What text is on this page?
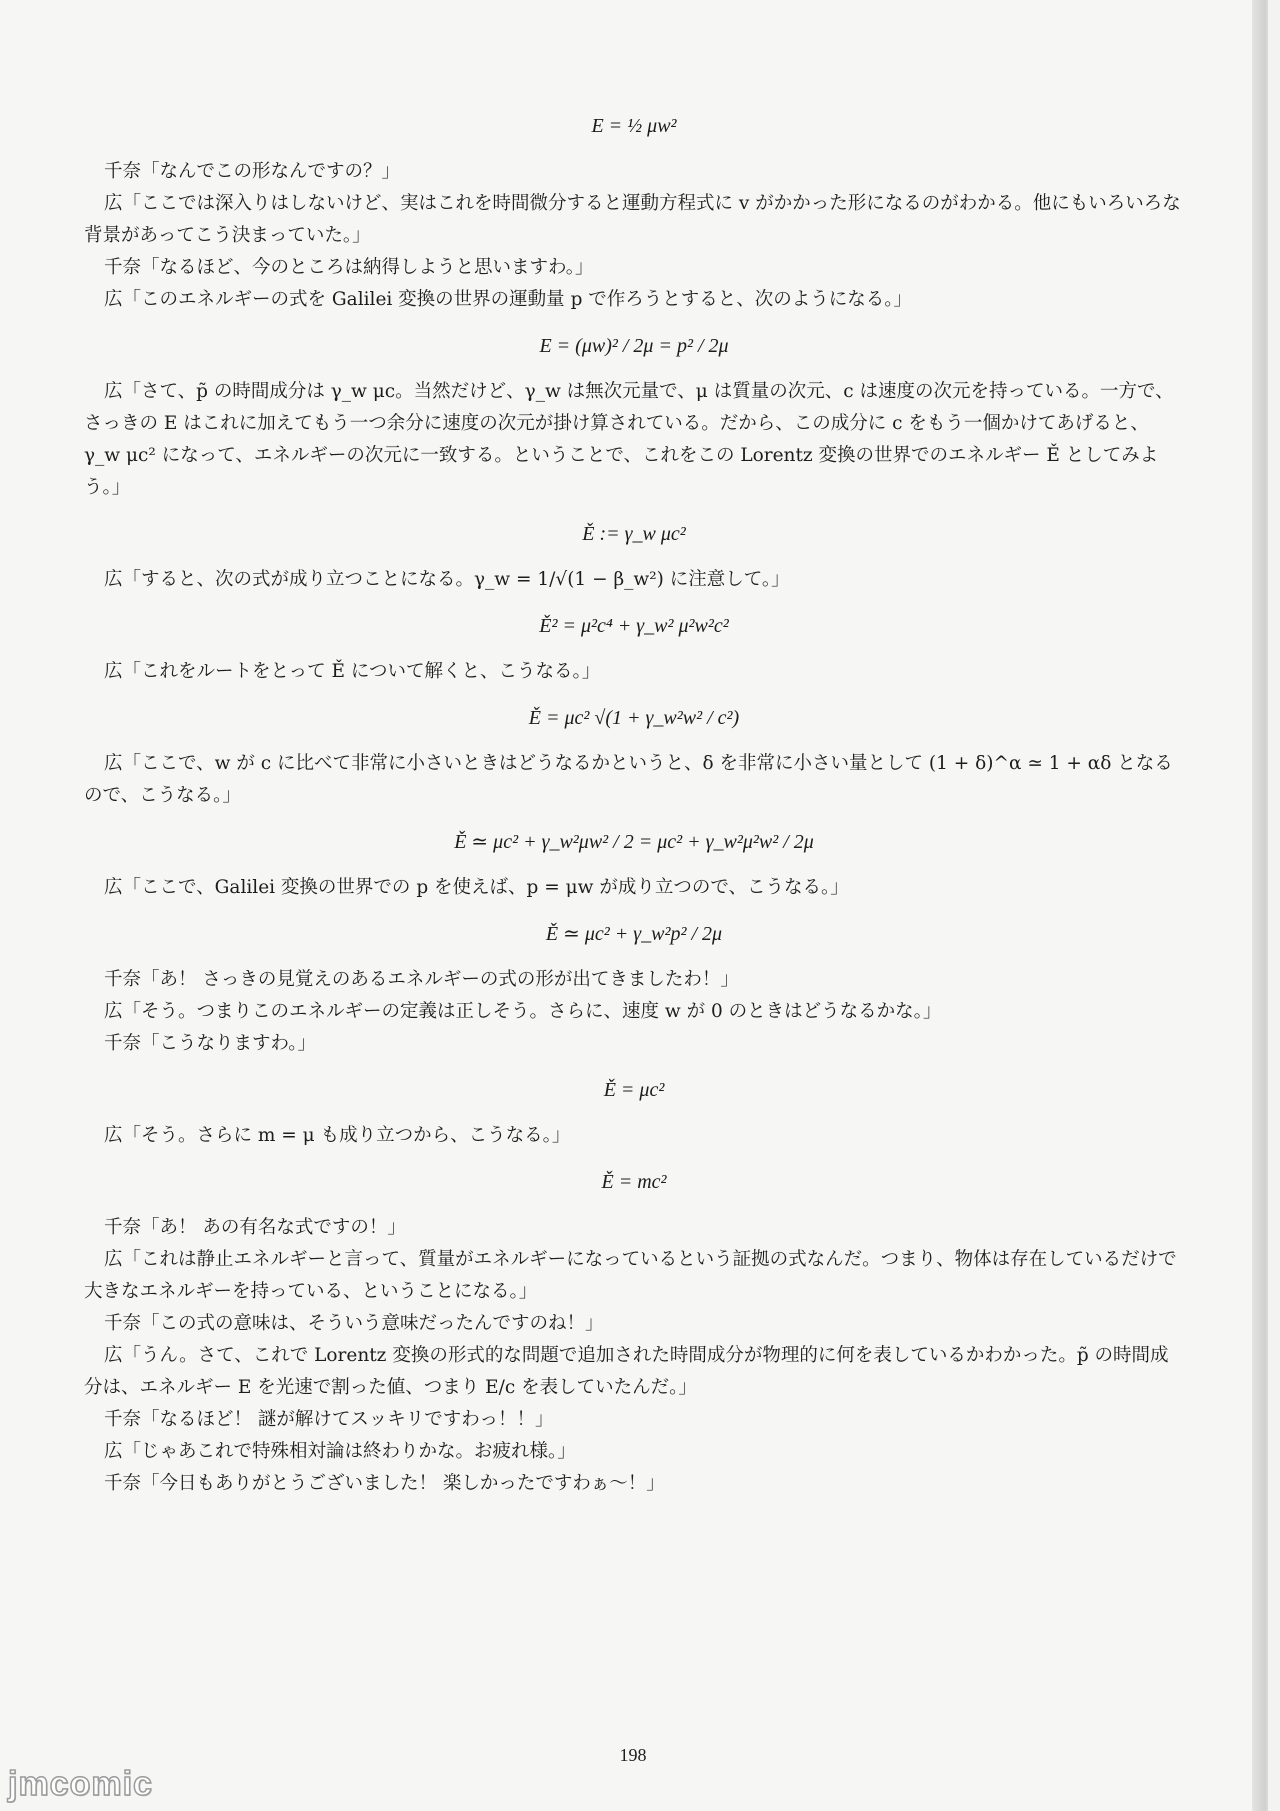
E = ½ μw²

千奈「なんでこの形なんですの？」

広「ここでは深入りはしないけど、実はこれを時間微分すると運動方程式に v がかかった形になるのがわかる。他にもいろいろな背景があってこう決まっていた。」

千奈「なるほど、今のところは納得しようと思いますわ。」

広「このエネルギーの式を Galilei 変換の世界の運動量 p で作ろうとすると、次のようになる。」

E = (μw)² / 2μ = p² / 2μ

広「さて、p̃ の時間成分は γ_w μc。当然だけど、γ_w は無次元量で、μ は質量の次元、c は速度の次元を持っている。一方で、さっきの E はこれに加えてもう一つ余分に速度の次元が掛け算されている。だから、この成分に c をもう一個かけてあげると、γ_w μc² になって、エネルギーの次元に一致する。ということで、これをこの Lorentz 変換の世界でのエネルギー Ě としてみよう。」

Ě := γ_w μc²

広「すると、次の式が成り立つことになる。γ_w = 1/√(1 − β_w²) に注意して。」

Ě² = μ²c⁴ + γ_w² μ²w²c²

広「これをルートをとって Ě について解くと、こうなる。」

Ě = μc² √(1 + γ_w²w² / c²)

広「ここで、w が c に比べて非常に小さいときはどうなるかというと、δ を非常に小さい量として (1 + δ)^α ≃ 1 + αδ となるので、こうなる。」

Ě ≃ μc² + γ_w²μw² / 2 = μc² + γ_w²μ²w² / 2μ

広「ここで、Galilei 変換の世界での p を使えば、p = μw が成り立つので、こうなる。」

Ě ≃ μc² + γ_w²p² / 2μ

千奈「あ！ さっきの見覚えのあるエネルギーの式の形が出てきましたわ！」

広「そう。つまりこのエネルギーの定義は正しそう。さらに、速度 w が 0 のときはどうなるかな。」

千奈「こうなりますわ。」

Ě = μc²

広「そう。さらに m = μ も成り立つから、こうなる。」

Ě = mc²

千奈「あ！ あの有名な式ですの！」

広「これは静止エネルギーと言って、質量がエネルギーになっているという証拠の式なんだ。つまり、物体は存在しているだけで大きなエネルギーを持っている、ということになる。」

千奈「この式の意味は、そういう意味だったんですのね！」

広「うん。さて、これで Lorentz 変換の形式的な問題で追加された時間成分が物理的に何を表しているかわかった。p̃ の時間成分は、エネルギー E を光速で割った値、つまり E/c を表していたんだ。」

千奈「なるほど！ 謎が解けてスッキリですわっ！！」

広「じゃあこれで特殊相対論は終わりかな。お疲れ様。」

千奈「今日もありがとうございました！ 楽しかったですわぁ〜！」

198
jmcomic
